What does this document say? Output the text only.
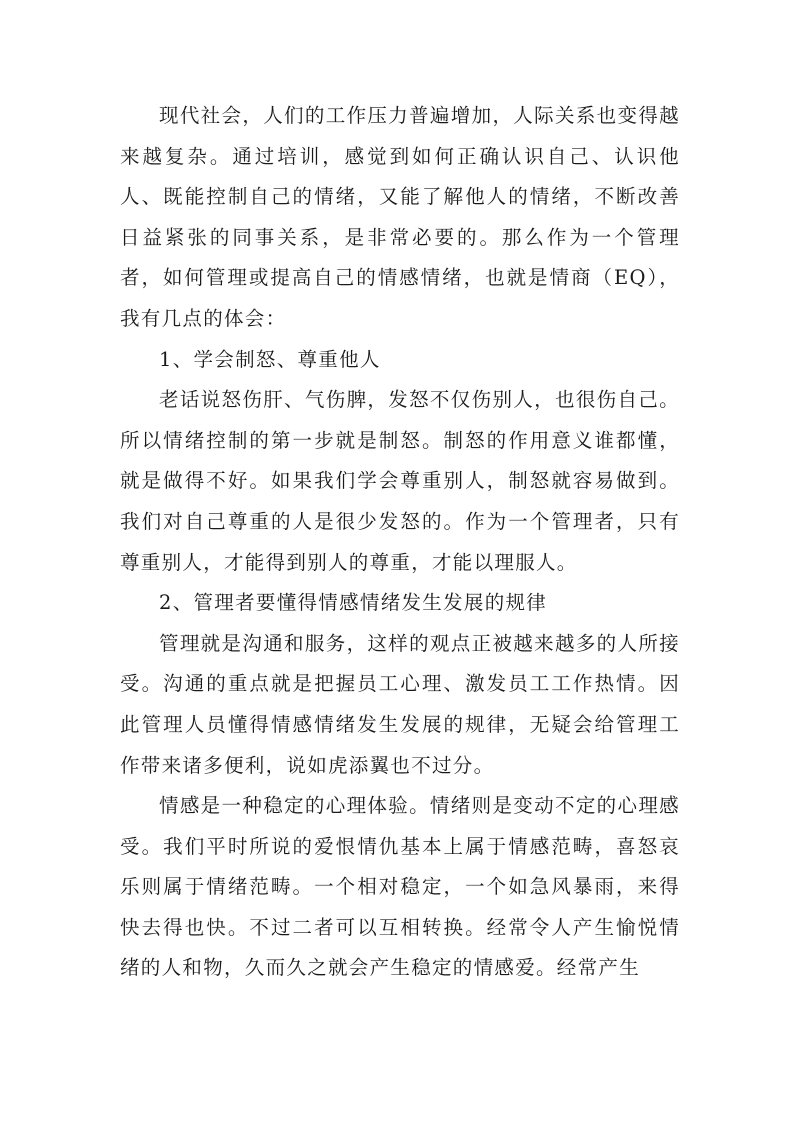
现代社会，人们的工作压力普遍增加，人际关系也变得越来越复杂。通过培训，感觉到如何正确认识自己、认识他人、既能控制自己的情绪，又能了解他人的情绪，不断改善日益紧张的同事关系，是非常必要的。那么作为一个管理者，如何管理或提高自己的情感情绪，也就是情商（EQ），我有几点的体会：

1、学会制怒、尊重他人

老话说怒伤肝、气伤脾，发怒不仅伤别人，也很伤自己。所以情绪控制的第一步就是制怒。制怒的作用意义谁都懂，就是做得不好。如果我们学会尊重别人，制怒就容易做到。我们对自己尊重的人是很少发怒的。作为一个管理者，只有尊重别人，才能得到别人的尊重，才能以理服人。

2、管理者要懂得情感情绪发生发展的规律

管理就是沟通和服务，这样的观点正被越来越多的人所接受。沟通的重点就是把握员工心理、激发员工工作热情。因此管理人员懂得情感情绪发生发展的规律，无疑会给管理工作带来诸多便利，说如虎添翼也不过分。

情感是一种稳定的心理体验。情绪则是变动不定的心理感受。我们平时所说的爱恨情仇基本上属于情感范畴，喜怒哀乐则属于情绪范畴。一个相对稳定，一个如急风暴雨，来得快去得也快。不过二者可以互相转换。经常令人产生愉悦情绪的人和物，久而久之就会产生稳定的情感爱。经常产生
